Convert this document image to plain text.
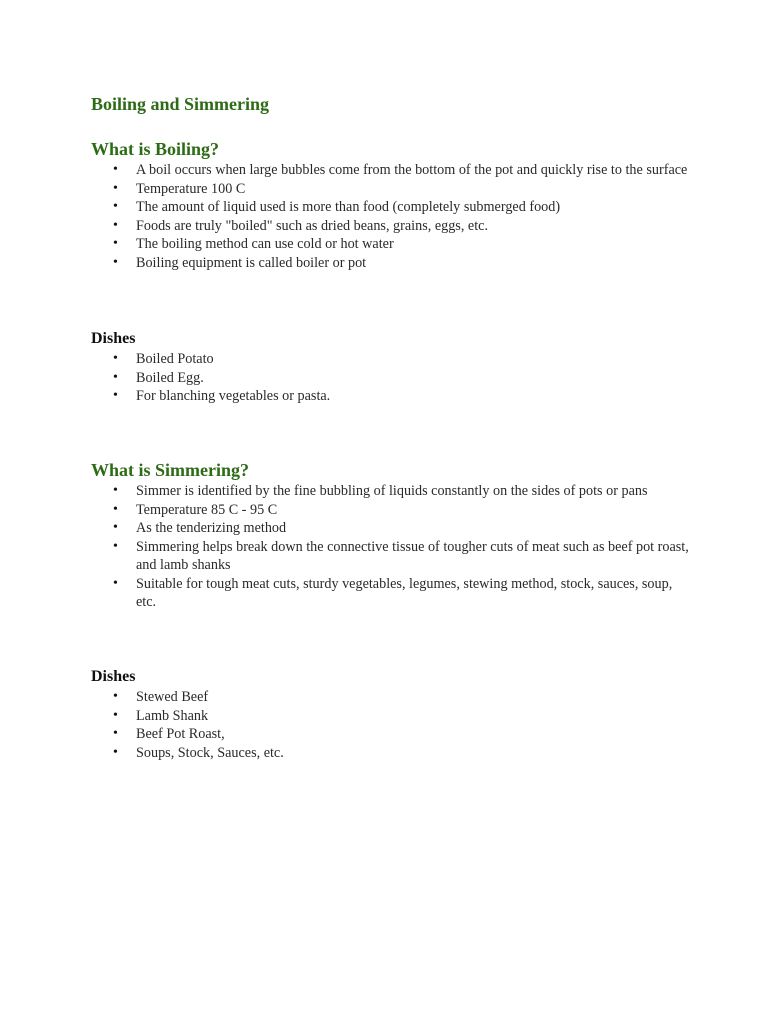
Boiling and Simmering
What is Boiling?
• A boil occurs when large bubbles come from the bottom of the pot and quickly rise to the surface
• Temperature 100 C
• The amount of liquid used is more than food (completely submerged food)
• Foods are truly "boiled" such as dried beans, grains, eggs, etc.
• The boiling method can use cold or hot water
• Boiling equipment is called boiler or pot
Dishes
• Boiled Potato
• Boiled Egg.
• For blanching vegetables or pasta.
What is Simmering?
• Simmer is identified by the fine bubbling of liquids constantly on the sides of pots or pans
• Temperature 85 C - 95 C
• As the tenderizing method
• Simmering helps break down the connective tissue of tougher cuts of meat such as beef pot roast, and lamb shanks
• Suitable for tough meat cuts, sturdy vegetables, legumes, stewing method, stock, sauces, soup, etc.
Dishes
• Stewed Beef
• Lamb Shank
• Beef Pot Roast,
• Soups, Stock, Sauces, etc.
